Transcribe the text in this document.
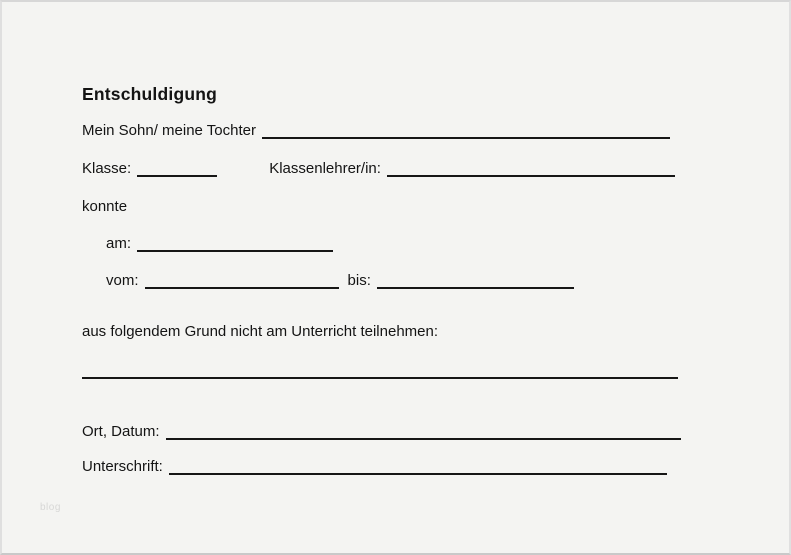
Entschuldigung
Mein Sohn/ meine Tochter
Klasse:	Klassenlehrer/in:
konnte
am:
vom:	bis:
aus folgendem Grund nicht am Unterricht teilnehmen:
Ort, Datum:
Unterschrift:
blog
